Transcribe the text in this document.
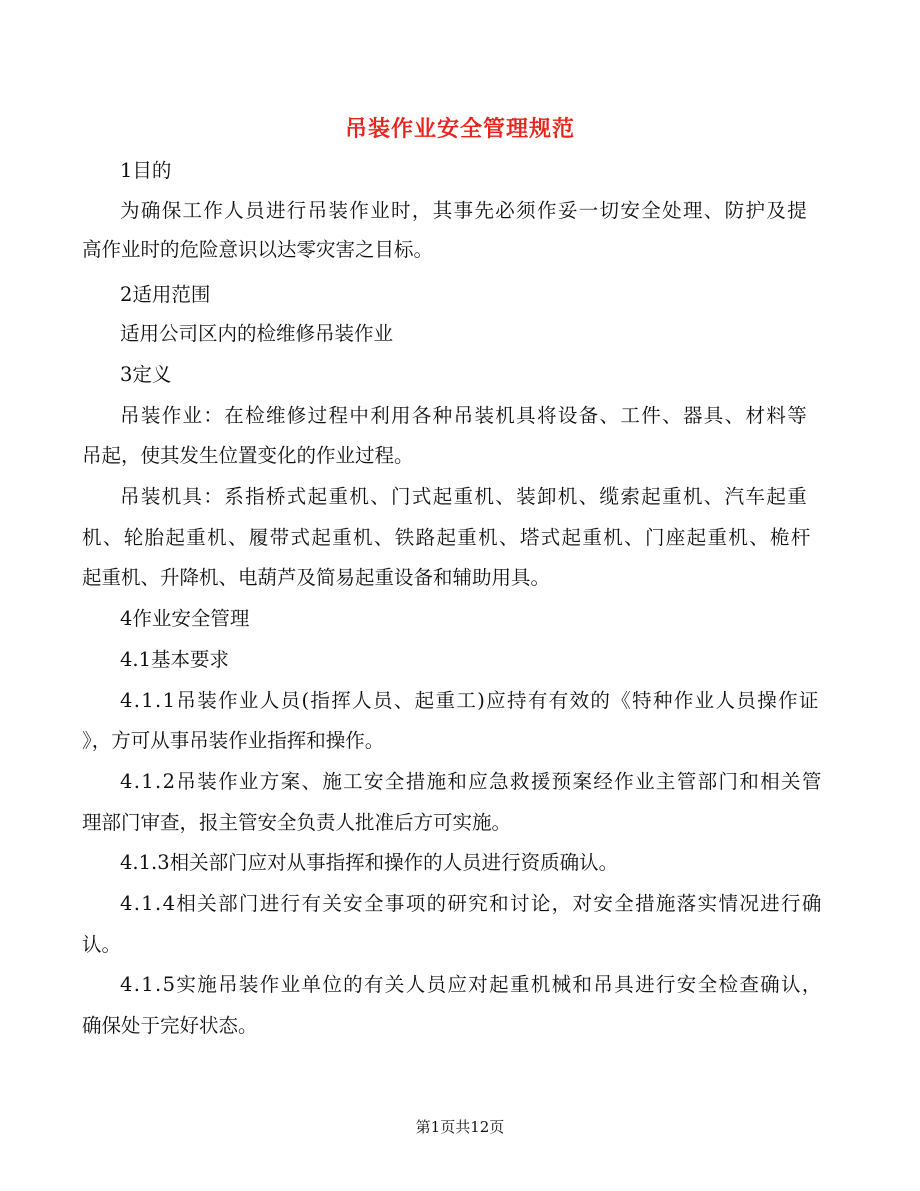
吊装作业安全管理规范
1目的
为确保工作人员进行吊装作业时，其事先必须作妥一切安全处理、防护及提
高作业时的危险意识以达零灾害之目标。
2适用范围
适用公司区内的检维修吊装作业
3定义
吊装作业：在检维修过程中利用各种吊装机具将设备、工件、器具、材料等
吊起，使其发生位置变化的作业过程。
吊装机具：系指桥式起重机、门式起重机、装卸机、缆索起重机、汽车起重
机、轮胎起重机、履带式起重机、铁路起重机、塔式起重机、门座起重机、桅杆
起重机、升降机、电葫芦及简易起重设备和辅助用具。
4作业安全管理
4.1基本要求
4.1.1吊装作业人员(指挥人员、起重工)应持有有效的《特种作业人员操作证
》，方可从事吊装作业指挥和操作。
4.1.2吊装作业方案、施工安全措施和应急救援预案经作业主管部门和相关管
理部门审查，报主管安全负责人批准后方可实施。
4.1.3相关部门应对从事指挥和操作的人员进行资质确认。
4.1.4相关部门进行有关安全事项的研究和讨论，对安全措施落实情况进行确
认。
4.1.5实施吊装作业单位的有关人员应对起重机械和吊具进行安全检查确认，
确保处于完好状态。
第1页共12页
